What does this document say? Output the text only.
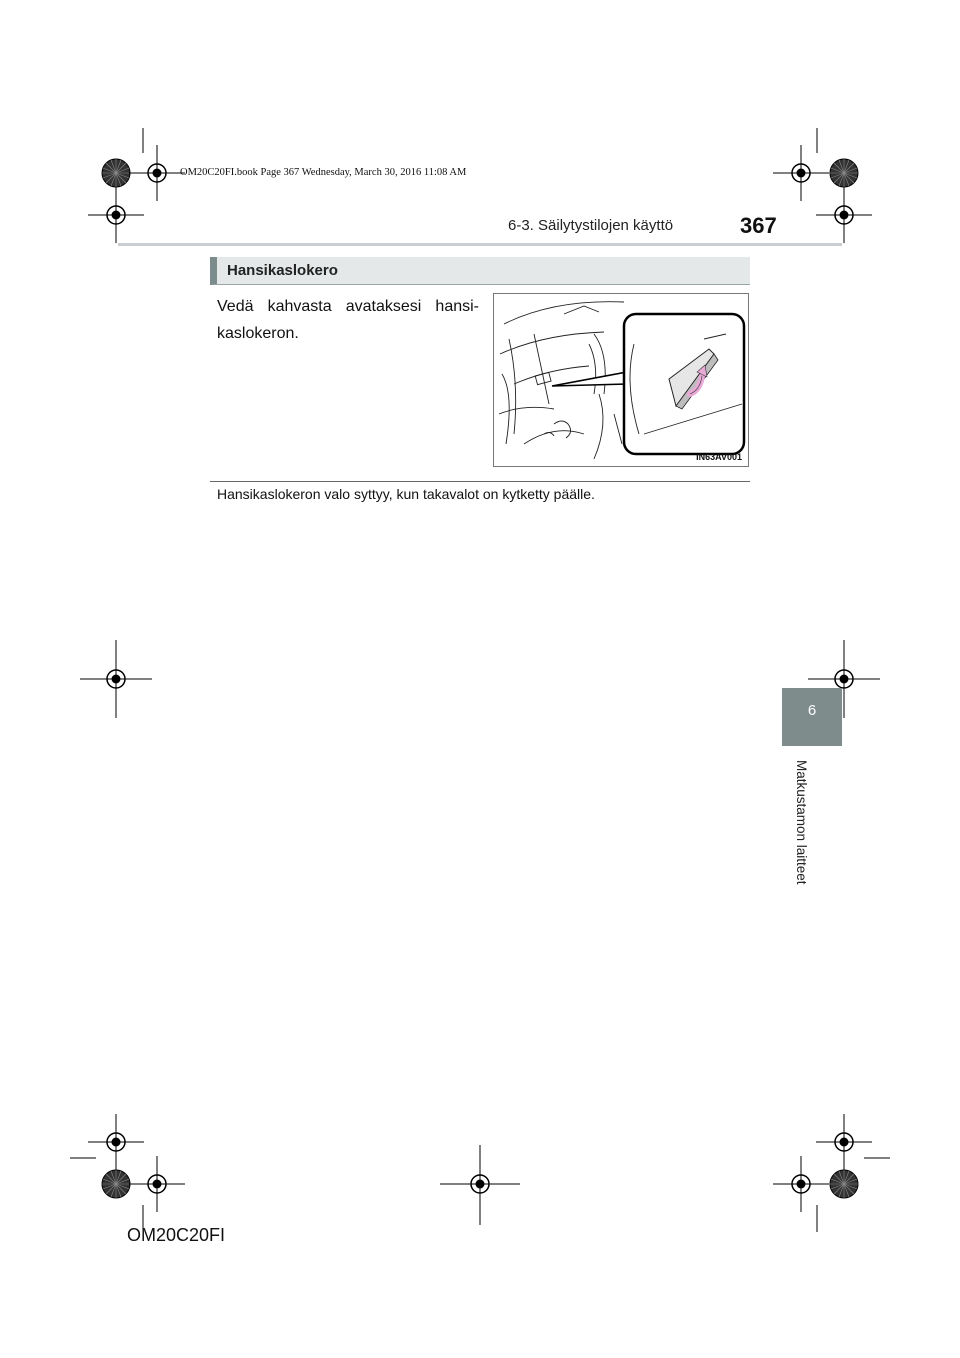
OM20C20FI.book Page 367 Wednesday, March 30, 2016 11:08 AM
6-3. Säilytystilojen käyttö	367
Hansikaslokero
Vedä kahvasta avataksesi hansi-kaslokeron.
IN63AV001
Hansikaslokeron valo syttyy, kun takavalot on kytketty päälle.
6
Matkustamon laitteet
OM20C20FI
